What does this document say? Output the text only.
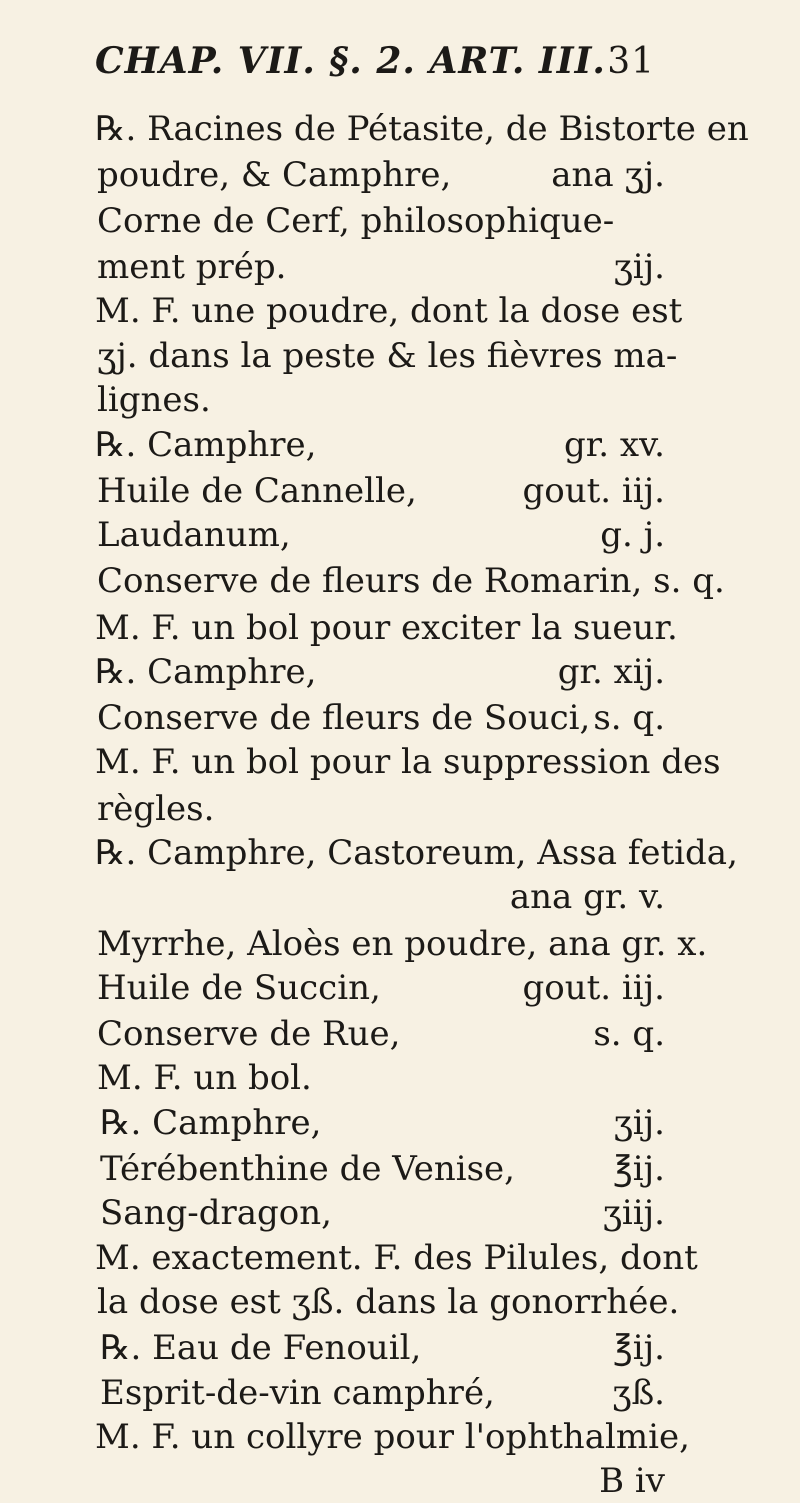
CHAP. VII. §. 2. ART. III. 31
℞. Racines de Pétasite, de Bistorte en
poudre, & Camphre,	ana ʒj.
Corne de Cerf, philosophique-
ment prép.	ʒij.
M. F. une poudre, dont la dose est
ʒj. dans la peste & les fièvres ma-
lignes.
℞. Camphre,	gr. xv.
Huile de Cannelle,	gout. iij.
Laudanum,	g. j.
Conserve de fleurs de Romarin, s. q.
M. F. un bol pour exciter la sueur.
℞. Camphre,	gr. xij.
Conserve de fleurs de Souci, s. q.
M. F. un bol pour la suppression des
règles.
℞. Camphre, Castoreum, Assa fetida,
ana gr. v.
Myrrhe, Aloès en poudre, ana gr. x.
Huile de Succin,	gout. iij.
Conserve de Rue,	s. q.
M. F. un bol.
℞. Camphre,	ʒij.
Térébenthine de Venise,	℥ij.
Sang-dragon,	ʒiij.
M. exactement. F. des Pilules, dont
la dose est ʒß. dans la gonorrhée.
℞. Eau de Fenouil,	℥ij.
Esprit-de-vin camphré,	ʒß.
M. F. un collyre pour l'ophthalmie,
B iv
